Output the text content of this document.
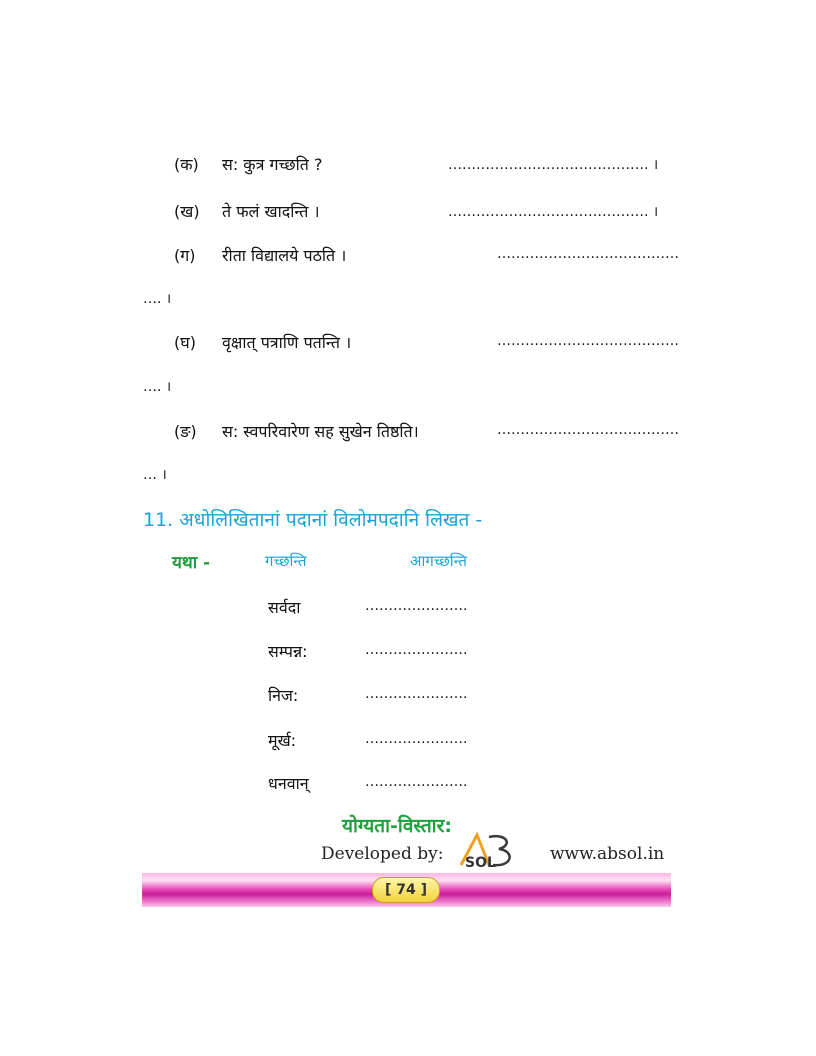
(क) स: कुत्र गच्छति ?	……………………………………. ।
(ख) ते फलं खादन्ति ।	……………………………………. ।
(ग) रीता विद्यालये पठति ।	…………………………………
…. ।
(घ) वृक्षात् पत्राणि पतन्ति ।	…………………………………
…. ।
(ङ) स: स्वपरिवारेण सह सुखेन तिष्ठति।	…………………………………
… ।
11. अधोलिखितानां पदानां विलोमपदानि लिखत -
यथा -	गच्छन्ति	आगच्छन्ति
सर्वदा	………………….
सम्पन्न:	………………….
निज:	………………….
मूर्ख:	………………….
धनवान्	………………….
योग्यता-विस्तार:
Developed by: SOL	www.absol.in
[ 74 ]
